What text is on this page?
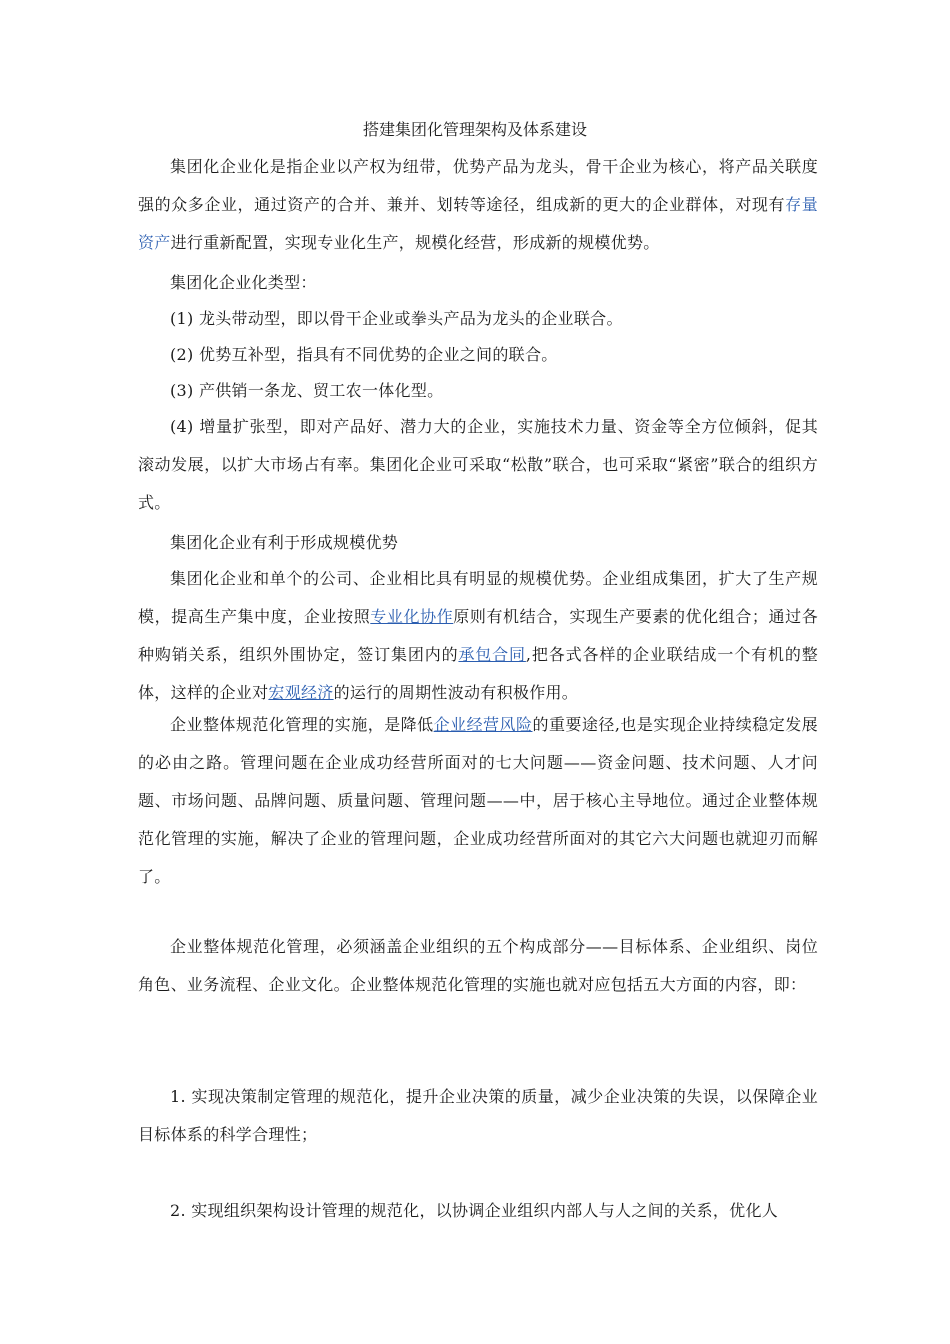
搭建集团化管理架构及体系建设
集团化企业化是指企业以产权为纽带，优势产品为龙头，骨干企业为核心，将产品关联度强的众多企业，通过资产的合并、兼并、划转等途径，组成新的更大的企业群体，对现有存量资产进行重新配置，实现专业化生产，规模化经营，形成新的规模优势。
集团化企业化类型：
(1) 龙头带动型，即以骨干企业或拳头产品为龙头的企业联合。
(2) 优势互补型，指具有不同优势的企业之间的联合。
(3) 产供销一条龙、贸工农一体化型。
(4) 增量扩张型，即对产品好、潜力大的企业，实施技术力量、资金等全方位倾斜，促其滚动发展，以扩大市场占有率。集团化企业可采取“松散”联合，也可采取“紧密”联合的组织方式。
集团化企业有利于形成规模优势
集团化企业和单个的公司、企业相比具有明显的规模优势。企业组成集团，扩大了生产规模，提高生产集中度，企业按照专业化协作原则有机结合，实现生产要素的优化组合；通过各种购销关系，组织外围协定，签订集团内的承包合同,把各式各样的企业联结成一个有机的整体，这样的企业对宏观经济的运行的周期性波动有积极作用。
企业整体规范化管理的实施，是降低企业经营风险的重要途径,也是实现企业持续稳定发展的必由之路。管理问题在企业成功经营所面对的七大问题——资金问题、技术问题、人才问题、市场问题、品牌问题、质量问题、管理问题——中，居于核心主导地位。通过企业整体规范化管理的实施，解决了企业的管理问题，企业成功经营所面对的其它六大问题也就迎刃而解了。
企业整体规范化管理，必须涵盖企业组织的五个构成部分——目标体系、企业组织、岗位角色、业务流程、企业文化。企业整体规范化管理的实施也就对应包括五大方面的内容，即：
1. 实现决策制定管理的规范化，提升企业决策的质量，减少企业决策的失误，以保障企业目标体系的科学合理性；
2. 实现组织架构设计管理的规范化，以协调企业组织内部人与人之间的关系，优化人
